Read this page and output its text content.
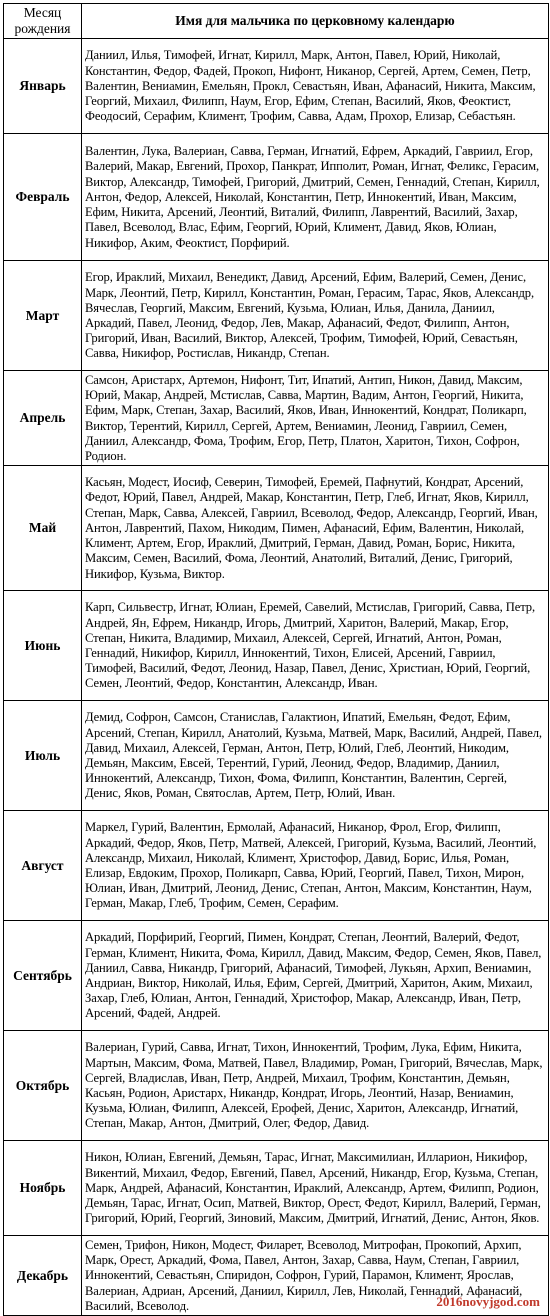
Месяц рождения	Имя для мальчика по церковному календарю
Январь	Даниил, Илья, Тимофей, Игнат, Кирилл, Марк, Антон, Павел, Юрий, Николай, Константин, Федор, Фадей, Прокоп, Нифонт, Никанор, Сергей, Артем, Семен, Петр, Валентин, Вениамин, Емельян, Прокл, Севастьян, Иван, Афанасий, Никита, Максим, Георгий, Михаил, Филипп, Наум, Егор, Ефим, Степан, Василий, Яков, Феоктист, Феодосий, Серафим, Климент, Трофим, Савва, Адам, Прохор, Елизар, Себастьян.
Февраль	Валентин, Лука, Валериан, Савва, Герман, Игнатий, Ефрем, Аркадий, Гавриил, Егор, Валерий, Макар, Евгений, Прохор, Панкрат, Ипполит, Роман, Игнат, Феликс, Герасим, Виктор, Александр, Тимофей, Григорий, Дмитрий, Семен, Геннадий, Степан, Кирилл, Антон, Федор, Алексей, Николай, Константин, Петр, Иннокентий, Иван, Максим, Ефим, Никита, Арсений, Леонтий, Виталий, Филипп, Лаврентий, Василий, Захар, Павел, Всеволод, Влас, Ефим, Георгий, Юрий, Климент, Давид, Яков, Юлиан, Никифор, Аким, Феоктист, Порфирий.
Март	Егор, Ираклий, Михаил, Венедикт, Давид, Арсений, Ефим, Валерий, Семен, Денис, Марк, Леонтий, Петр, Кирилл, Константин, Роман, Герасим, Тарас, Яков, Александр, Вячеслав, Георгий, Максим, Евгений, Кузьма, Юлиан, Илья, Данила, Даниил, Аркадий, Павел, Леонид, Федор, Лев, Макар, Афанасий, Федот, Филипп, Антон, Григорий, Иван, Василий, Виктор, Алексей, Трофим, Тимофей, Юрий, Севастьян, Савва, Никифор, Ростислав, Никандр, Степан.
Апрель	Самсон, Аристарх, Артемон, Нифонт, Тит, Ипатий, Антип, Никон, Давид, Максим, Юрий, Макар, Андрей, Мстислав, Савва, Мартин, Вадим, Антон, Георгий, Никита, Ефим, Марк, Степан, Захар, Василий, Яков, Иван, Иннокентий, Кондрат, Поликарп, Виктор, Терентий, Кирилл, Сергей, Артем, Вениамин, Леонид, Гавриил, Семен, Даниил, Александр, Фома, Трофим, Егор, Петр, Платон, Харитон, Тихон, Софрон, Родион.
Май	Касьян, Модест, Иосиф, Северин, Тимофей, Еремей, Пафнутий, Кондрат, Арсений, Федот, Юрий, Павел, Андрей, Макар, Константин, Петр, Глеб, Игнат, Яков, Кирилл, Степан, Марк, Савва, Алексей, Гавриил, Всеволод, Федор, Александр, Георгий, Иван, Антон, Лаврентий, Пахом, Никодим, Пимен, Афанасий, Ефим, Валентин, Николай, Климент, Артем, Егор, Ираклий, Дмитрий, Герман, Давид, Роман, Борис, Никита, Максим, Семен, Василий, Фома, Леонтий, Анатолий, Виталий, Денис, Григорий, Никифор, Кузьма, Виктор.
Июнь	Карп, Сильвестр, Игнат, Юлиан, Еремей, Савелий, Мстислав, Григорий, Савва, Петр, Андрей, Ян, Ефрем, Никандр, Игорь, Дмитрий, Харитон, Валерий, Макар, Егор, Степан, Никита, Владимир, Михаил, Алексей, Сергей, Игнатий, Антон, Роман, Геннадий, Никифор, Кирилл, Иннокентий, Тихон, Елисей, Арсений, Гавриил, Тимофей, Василий, Федот, Леонид, Назар, Павел, Денис, Христиан, Юрий, Георгий, Семен, Леонтий, Федор, Константин, Александр, Иван.
Июль	Демид, Софрон, Самсон, Станислав, Галактион, Ипатий, Емельян, Федот, Ефим, Арсений, Степан, Кирилл, Анатолий, Кузьма, Матвей, Марк, Василий, Андрей, Павел, Давид, Михаил, Алексей, Герман, Антон, Петр, Юлий, Глеб, Леонтий, Никодим, Демьян, Максим, Евсей, Терентий, Гурий, Леонид, Федор, Владимир, Даниил, Иннокентий, Александр, Тихон, Фома, Филипп, Константин, Валентин, Сергей, Денис, Яков, Роман, Святослав, Артем, Петр, Юлий, Иван.
Август	Маркел, Гурий, Валентин, Ермолай, Афанасий, Никанор, Фрол, Егор, Филипп, Аркадий, Федор, Яков, Петр, Матвей, Алексей, Григорий, Кузьма, Василий, Леонтий, Александр, Михаил, Николай, Климент, Христофор, Давид, Борис, Илья, Роман, Елизар, Евдоким, Прохор, Поликарп, Савва, Юрий, Георгий, Павел, Тихон, Мирон, Юлиан, Иван, Дмитрий, Леонид, Денис, Степан, Антон, Максим, Константин, Наум, Герман, Макар, Глеб, Трофим, Семен, Серафим.
Сентябрь	Аркадий, Порфирий, Георгий, Пимен, Кондрат, Степан, Леонтий, Валерий, Федот, Герман, Климент, Никита, Фома, Кирилл, Давид, Максим, Федор, Семен, Яков, Павел, Даниил, Савва, Никандр, Григорий, Афанасий, Тимофей, Лукьян, Архип, Вениамин, Андриан, Виктор, Николай, Илья, Ефим, Сергей, Дмитрий, Харитон, Аким, Михаил, Захар, Глеб, Юлиан, Антон, Геннадий, Христофор, Макар, Александр, Иван, Петр, Арсений, Фадей, Андрей.
Октябрь	Валериан, Гурий, Савва, Игнат, Тихон, Иннокентий, Трофим, Лука, Ефим, Никита, Мартын, Максим, Фома, Матвей, Павел, Владимир, Роман, Григорий, Вячеслав, Марк, Сергей, Владислав, Иван, Петр, Андрей, Михаил, Трофим, Константин, Демьян, Касьян, Родион, Аристарх, Никандр, Кондрат, Игорь, Леонтий, Назар, Вениамин, Кузьма, Юлиан, Филипп, Алексей, Ерофей, Денис, Харитон, Александр, Игнатий, Степан, Макар, Антон, Дмитрий, Олег, Федор, Давид.
Ноябрь	Никон, Юлиан, Евгений, Демьян, Тарас, Игнат, Максимилиан, Илларион, Никифор, Викентий, Михаил, Федор, Евгений, Павел, Арсений, Никандр, Егор, Кузьма, Степан, Марк, Андрей, Афанасий, Константин, Ираклий, Александр, Артем, Филипп, Родион, Демьян, Тарас, Игнат, Осип, Матвей, Виктор, Орест, Федот, Кирилл, Валерий, Герман, Григорий, Юрий, Георгий, Зиновий, Максим, Дмитрий, Игнатий, Денис, Антон, Яков.
Декабрь	Семен, Трифон, Никон, Модест, Филарет, Всеволод, Митрофан, Прокопий, Архип, Марк, Орест, Аркадий, Фома, Павел, Антон, Захар, Савва, Наум, Степан, Гавриил, Иннокентий, Севастьян, Спиридон, Софрон, Гурий, Парамон, Климент, Ярослав, Валериан, Адриан, Арсений, Даниил, Кирилл, Лев, Николай, Геннадий, Афанасий, Василий, Всеволод.	2016novyjgod.com
